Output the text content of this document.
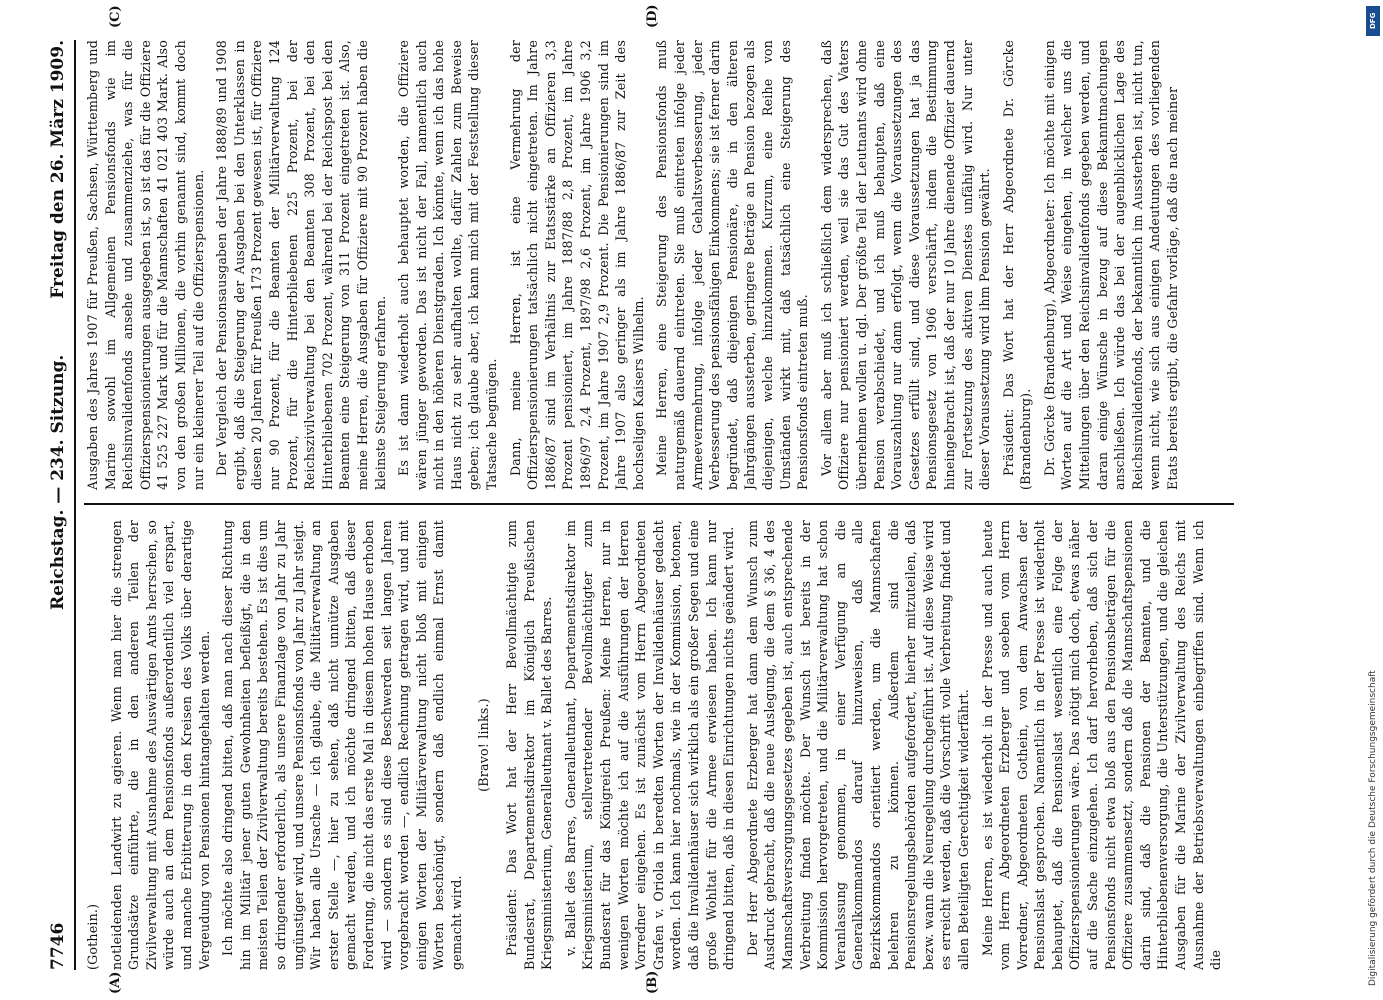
7746
Reichstag. — 234. Sitzung.
Freitag den 26. März 1909.
(A)	(B)
(C)	(D)

(Gothein.) notleidenden Landwirt zu agieren. Wenn man hier die strengen Grundsätze einführte, die in den anderen Teilen der Zivilverwaltung mit Ausnahme des Auswärtigen Amts herrschen, so würde auch an dem Pensionsfonds außerordentlich viel erspart, und manche Erbitterung in den Kreisen des Volks über derartige Vergeudung von Pensionen hintangehalten werden. Ich möchte also dringend bitten, daß man nach dieser Richtung hin im Militär jener guten Gewohnheiten befleißigt, die in den meisten Teilen der Zivilverwaltung bereits bestehen. Es ist dies um so dringender erforderlich, als unsere Finanzlage von Jahr zu Jahr ungünstiger wird, und unsere Pensionsfonds von Jahr zu Jahr steigt. Wir haben alle Ursache — ich glaube, die Militärverwaltung an erster Stelle —, hier zu sehen, daß nicht unnütze Ausgaben gemacht werden, und ich möchte dringend bitten, daß dieser Forderung, die nicht das erste Mal in diesem hohen Hause erhoben wird — sondern es sind diese Beschwerden seit langen Jahren vorgebracht worden —, endlich Rechnung getragen wird, und mit einigen Worten der Militärverwaltung nicht bloß mit einigen Worten beschönigt, sondern daß endlich einmal Ernst damit gemacht wird.

(Bravo! links.) Präsident: Das Wort hat der Herr Bevollmächtigte zum Bundesrat, Departementsdirektor im Königlich Preußischen Kriegsministerium, Generalleutnant v. Ballet des Barres. v. Ballet des Barres, Generalleutnant, Departementsdirektor im Kriegsministerium, stellvertretender Bevollmächtigter zum Bundesrat für das Königreich Preußen: Meine Herren, nur in wenigen Worten möchte ich auf die Ausführungen der Herren Vorredner eingehen. Es ist zunächst vom Herrn Abgeordneten Grafen v. Oriola in beredten Worten der Invalidenhäuser gedacht worden. Ich kann hier nochmals, wie in der Kommission, betonen, daß die Invalidenhäuser sich wirklich als ein großer Segen und eine große Wohltat für die Armee erwiesen haben. Ich kann nur dringend bitten, daß in diesen Einrichtungen nichts geändert wird. Der Herr Abgeordnete Erzberger hat dann dem Wunsch zum Ausdruck gebracht, daß die neue Auslegung, die dem § 36, 4 des Mannschaftsversorgungsgesetzes gegeben ist, auch entsprechende Verbreitung finden möchte. Der Wunsch ist bereits in der Kommission hervorgetreten, und die Militärverwaltung hat schon Veranlassung genommen, in einer Verfügung an die Generalkommandos darauf hinzuweisen, daß alle Bezirkskommandos orientiert werden, um die Mannschaften belehren zu können. Außerdem sind die Pensionsregelungsbehörden aufgefordert, hierher mitzuteilen, daß bezw. wann die Neuregelung durchgeführt ist. Auf diese Weise wird es erreicht werden, daß die Vorschrift volle Verbreitung findet und allen Beteiligten Gerechtigkeit widerfährt. Meine Herren, es ist wiederholt in der Presse und auch heute vom Herrn Abgeordneten Erzberger und soeben vom Herrn Vorredner, Abgeordneten Gothein, von dem Anwachsen der Pensionslast gesprochen. Namentlich in der Presse ist wiederholt behauptet, daß die Pensionslast wesentlich eine Folge der Offizierspensionierungen wäre. Das nötigt mich doch, etwas näher auf die Sache einzugehen. Ich darf hervorheben, daß sich der Pensionsfonds nicht etwa bloß aus den Pensionsbeträgen für die Offiziere zusammensetzt, sondern daß die Mannschaftspensionen darin sind, daß die Pensionen der Beamten, und die Hinterbliebenenversorgung, die Unterstützungen, und die gleichen Ausgaben für die Marine der Zivilverwaltung des Reichs mit Ausnahme der Betriebsverwaltungen einbegriffen sind. Wenn ich die

Ausgaben des Jahres 1907 für Preußen, Sachsen, Württemberg und Marine sowohl im Allgemeinen Pensionsfonds wie im Reichsinvalidenfonds ansehe und zusammenziehe, was für die Offizierspensionierungen ausgegeben ist, so ist das für die Offiziere 41 525 227 Mark und für die Mannschaften 41 021 403 Mark. Also von den großen Millionen, die vorhin genannt sind, kommt doch nur ein kleinerer Teil auf die Offizierspensionen. Der Vergleich der Pensionsausgaben der Jahre 1888/89 und 1908 ergibt, daß die Steigerung der Ausgaben bei den Unterklassen in diesen 20 Jahren für Preußen 173 Prozent gewesen ist, für Offiziere nur 90 Prozent, für die Beamten der Militärverwaltung 124 Prozent, für die Hinterbliebenen 225 Prozent, bei der Reichszivilverwaltung bei den Beamten 308 Prozent, bei den Hinterbliebenen 702 Prozent, während bei der Reichspost bei den Beamten eine Steigerung von 311 Prozent eingetreten ist. Also, meine Herren, die Ausgaben für Offiziere mit 90 Prozent haben die kleinste Steigerung erfahren. Es ist dann wiederholt auch behauptet worden, die Offiziere wären jünger geworden. Das ist nicht der Fall, namentlich auch nicht in den höheren Dienstgraden. Ich könnte, wenn ich das hohe Haus nicht zu sehr aufhalten wollte, dafür Zahlen zum Beweise geben; ich glaube aber, ich kann mich mit der Feststellung dieser Tatsache begnügen. Dann, meine Herren, ist eine Vermehrung der Offizierspensionierungen tatsächlich nicht eingetreten. Im Jahre 1886/87 sind im Verhältnis zur Etatsstärke an Offizieren 3,3 Prozent pensioniert, im Jahre 1887/88 2,8 Prozent, im Jahre 1896/97 2,4 Prozent, 1897/98 2,6 Prozent, im Jahre 1906 3,2 Prozent, im Jahre 1907 2,9 Prozent. Die Pensionierungen sind im Jahre 1907 also geringer als im Jahre 1886/87 zur Zeit des hochseligen Kaisers Wilhelm. Meine Herren, eine Steigerung des Pensionsfonds muß naturgemäß dauernd eintreten. Sie muß eintreten infolge jeder Armeevermehrung, infolge jeder Gehaltsverbesserung, jeder Verbesserung des pensionsfähigen Einkommens; sie ist ferner darin begründet, daß diejenigen Pensionäre, die in den älteren Jahrgängen aussterben, geringere Beträge an Pension bezogen als diejenigen, welche hinzukommen. Kurzum, eine Reihe von Umständen wirkt mit, daß tatsächlich eine Steigerung des Pensionsfonds eintreten muß. Vor allem aber muß ich schließlich dem widersprechen, daß Offiziere nur pensioniert werden, weil sie das Gut des Vaters übernehmen wollen u. dgl. Der größte Teil der Leutnants wird ohne Pension verabschiedet, und ich muß behaupten, daß eine Vorauszahlung nur dann erfolgt, wenn die Voraussetzungen des Gesetzes erfüllt sind, und diese Voraussetzungen hat ja das Pensionsgesetz von 1906 verschärft, indem die Bestimmung hineingebracht ist, daß der nur 10 Jahre dienende Offizier dauernd zur Fortsetzung des aktiven Dienstes unfähig wird. Nur unter dieser Voraussetzung wird ihm Pension gewährt. Präsident: Das Wort hat der Herr Abgeordnete Dr. Görcke (Brandenburg). Dr. Görcke (Brandenburg), Abgeordneter: Ich möchte mit einigen Worten auf die Art und Weise eingehen, in welcher uns die Mitteilungen über den Reichsinvalidenfonds gegeben werden, und daran einige Wünsche in bezug auf diese Bekanntmachungen anschließen. Ich würde das bei der augenblicklichen Lage des Reichsinvalidenfonds, der bekanntlich im Aussterben ist, nicht tun, wenn nicht, wie sich aus einigen Andeutungen des vorliegenden Etats bereits ergibt, die Gefahr vorläge, daß die nach meiner

DFG
Digitalisierung gefördert durch die Deutsche Forschungsgemeinschaft
